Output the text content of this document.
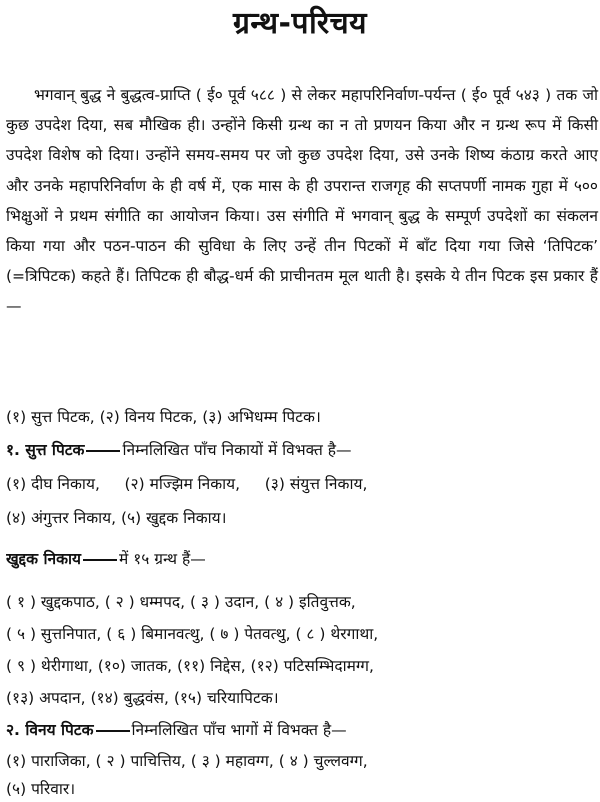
ग्रन्थ-परिचय

भगवान् बुद्ध ने बुद्धत्व-प्राप्ति ( ई० पूर्व ५८८ ) से लेकर महापरिनिर्वाण-पर्यन्त ( ई० पूर्व ५४३ ) तक जो कुछ उपदेश दिया, सब मौखिक ही। उन्होंने किसी ग्रन्थ का न तो प्रणयन किया और न ग्रन्थ रूप में किसी उपदेश विशेष को दिया। उन्होंने समय-समय पर जो कुछ उपदेश दिया, उसे उनके शिष्य कंठाग्र करते आए और उनके महापरिनिर्वाण के ही वर्ष में, एक मास के ही उपरान्त राजगृह की सप्तपर्णी नामक गुहा में ५०० भिक्षुओं ने प्रथम संगीति का आयोजन किया। उस संगीति में भगवान् बुद्ध के सम्पूर्ण उपदेशों का संकलन किया गया और पठन-पाठन की सुविधा के लिए उन्हें तीन पिटकों में बाँट दिया गया जिसे ‘तिपिटक’ (=त्रिपिटक) कहते हैं। तिपिटक ही बौद्ध-धर्म की प्राचीनतम मूल थाती है। इसके ये तीन पिटक इस प्रकार हैं—

(१) सुत्त पिटक, (२) विनय पिटक, (३) अभिधम्म पिटक।
१. सुत्त पिटक निम्नलिखित पाँच निकायों में विभक्त है—
(१) दीघ निकाय,     (२) मज्झिम निकाय,     (३) संयुत्त निकाय,
(४) अंगुत्तर निकाय, (५) खुद्दक निकाय।
खुद्दक निकाय में १५ ग्रन्थ हैं—
( १ ) खुद्दकपाठ, ( २ ) धम्मपद, ( ३ ) उदान, ( ४ ) इतिवुत्तक,
( ५ ) सुत्तनिपात, ( ६ ) बिमानवत्थु, ( ७ ) पेतवत्थु, ( ८ ) थेरगाथा,
( ९ ) थेरीगाथा, (१०) जातक, (११) निद्देस, (१२) पटिसम्भिदामग्ग,
(१३) अपदान, (१४) बुद्धवंस, (१५) चरियापिटक।
२. विनय पिटक निम्नलिखित पाँच भागों में विभक्त है—
(१) पाराजिका, ( २ ) पाचित्तिय, ( ३ ) महावग्ग, ( ४ ) चुल्लवग्ग,
(५) परिवार।
